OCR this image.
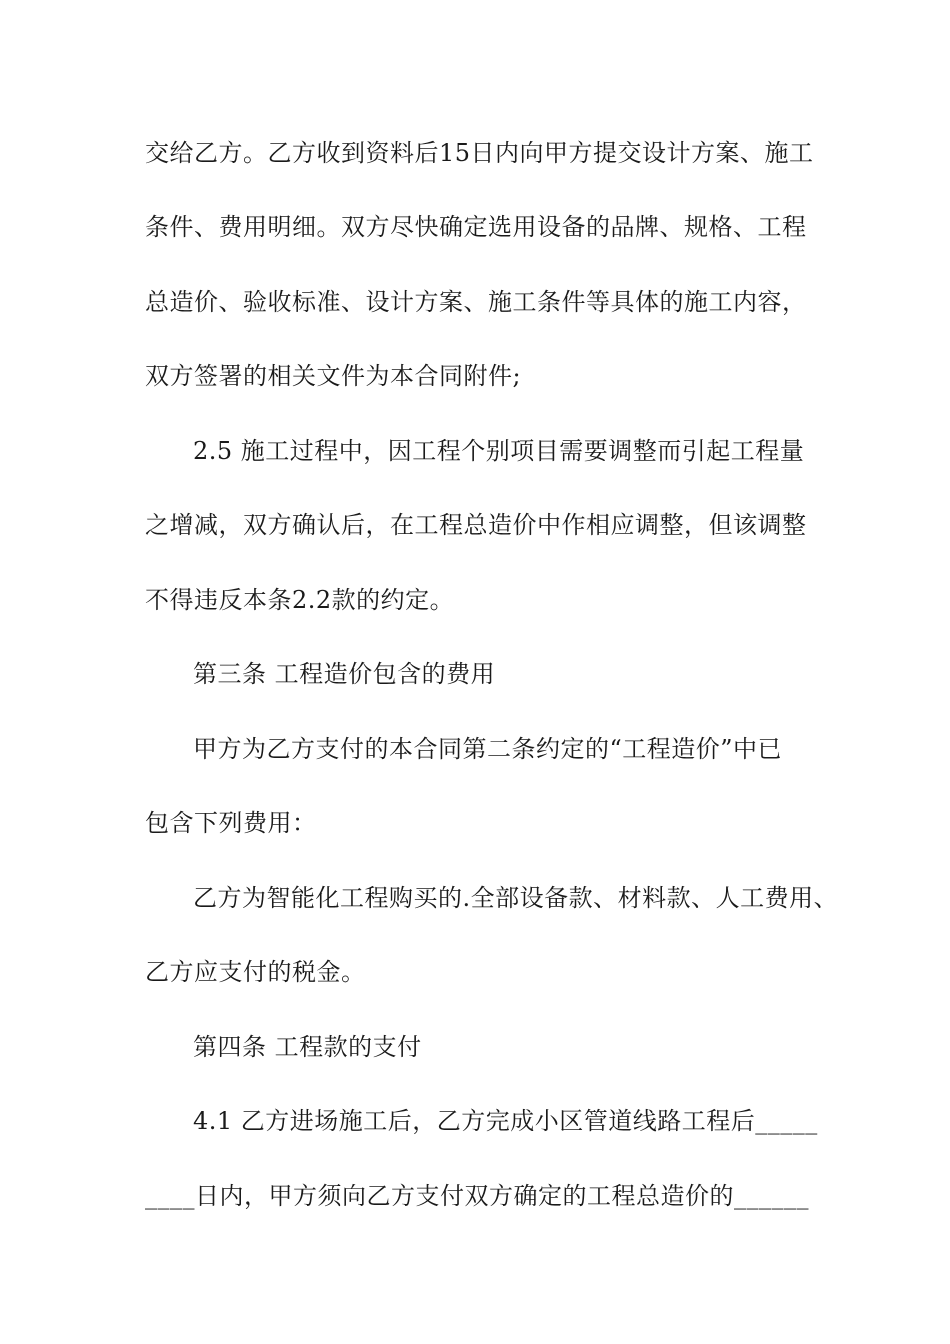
交给乙方。乙方收到资料后15日内向甲方提交设计方案、施工
条件、费用明细。双方尽快确定选用设备的品牌、规格、工程
总造价、验收标准、设计方案、施工条件等具体的施工内容，
双方签署的相关文件为本合同附件;
2.5 施工过程中，因工程个别项目需要调整而引起工程量
之增减，双方确认后，在工程总造价中作相应调整，但该调整
不得违反本条2.2款的约定。
第三条 工程造价包含的费用
甲方为乙方支付的本合同第二条约定的“工程造价”中已
包含下列费用：
乙方为智能化工程购买的.全部设备款、材料款、人工费用、
乙方应支付的税金。
第四条 工程款的支付
4.1 乙方进场施工后，乙方完成小区管道线路工程后_____
____日内，甲方须向乙方支付双方确定的工程总造价的______
